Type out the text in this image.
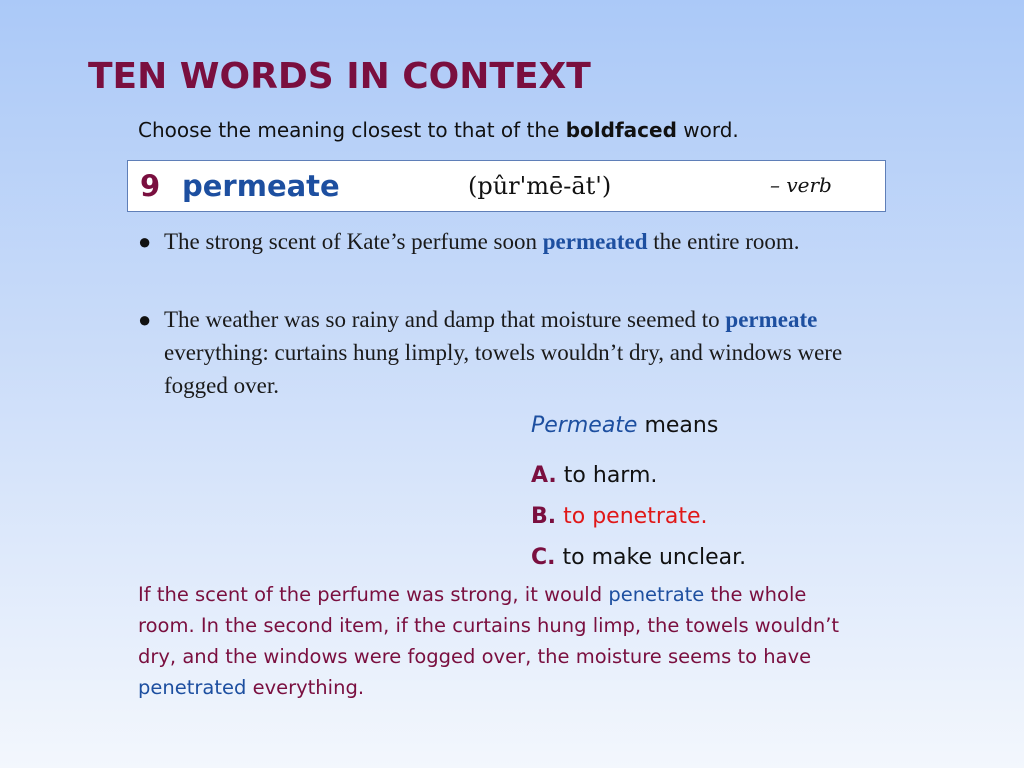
TEN WORDS IN CONTEXT
Choose the meaning closest to that of the boldfaced word.
9 permeate	(pûr'mē-āt')	– verb
● The strong scent of Kate’s perfume soon permeated the entire room.
● The weather was so rainy and damp that moisture seemed to permeate everything: curtains hung limply, towels wouldn’t dry, and windows were fogged over.
Permeate means
A. to harm.
B. to penetrate.
C. to make unclear.
If the scent of the perfume was strong, it would penetrate the whole room. In the second item, if the curtains hung limp, the towels wouldn’t dry, and the windows were fogged over, the moisture seems to have penetrated everything.
